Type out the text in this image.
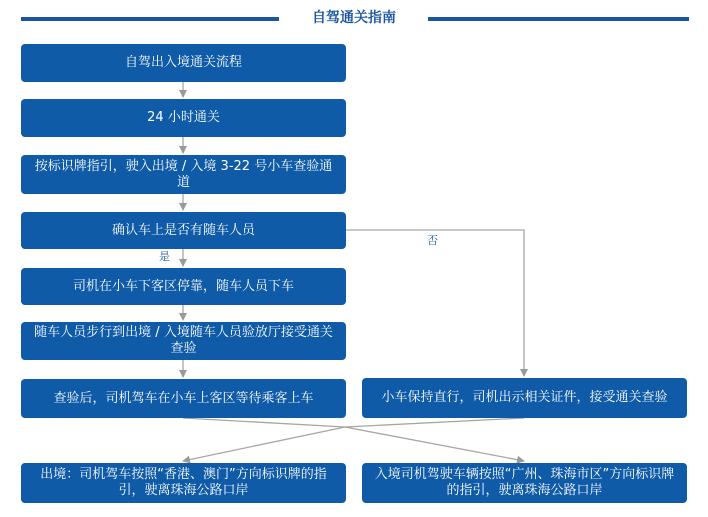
自驾通关指南
自驾出入境通关流程
24 小时通关
按标识牌指引，驶入出境 / 入境 3-22 号小车查验通道
确认车上是否有随车人员
是
否
司机在小车下客区停靠，随车人员下车
随车人员步行到出境 / 入境随车人员验放厅接受通关查验
查验后，司机驾车在小车上客区等待乘客上车	小车保持直行，司机出示相关证件，接受通关查验
出境：司机驾车按照“香港、澳门”方向标识牌的指引，驶离珠海公路口岸
入境司机驾驶车辆按照“广州、珠海市区”方向标识牌的指引，驶离珠海公路口岸
